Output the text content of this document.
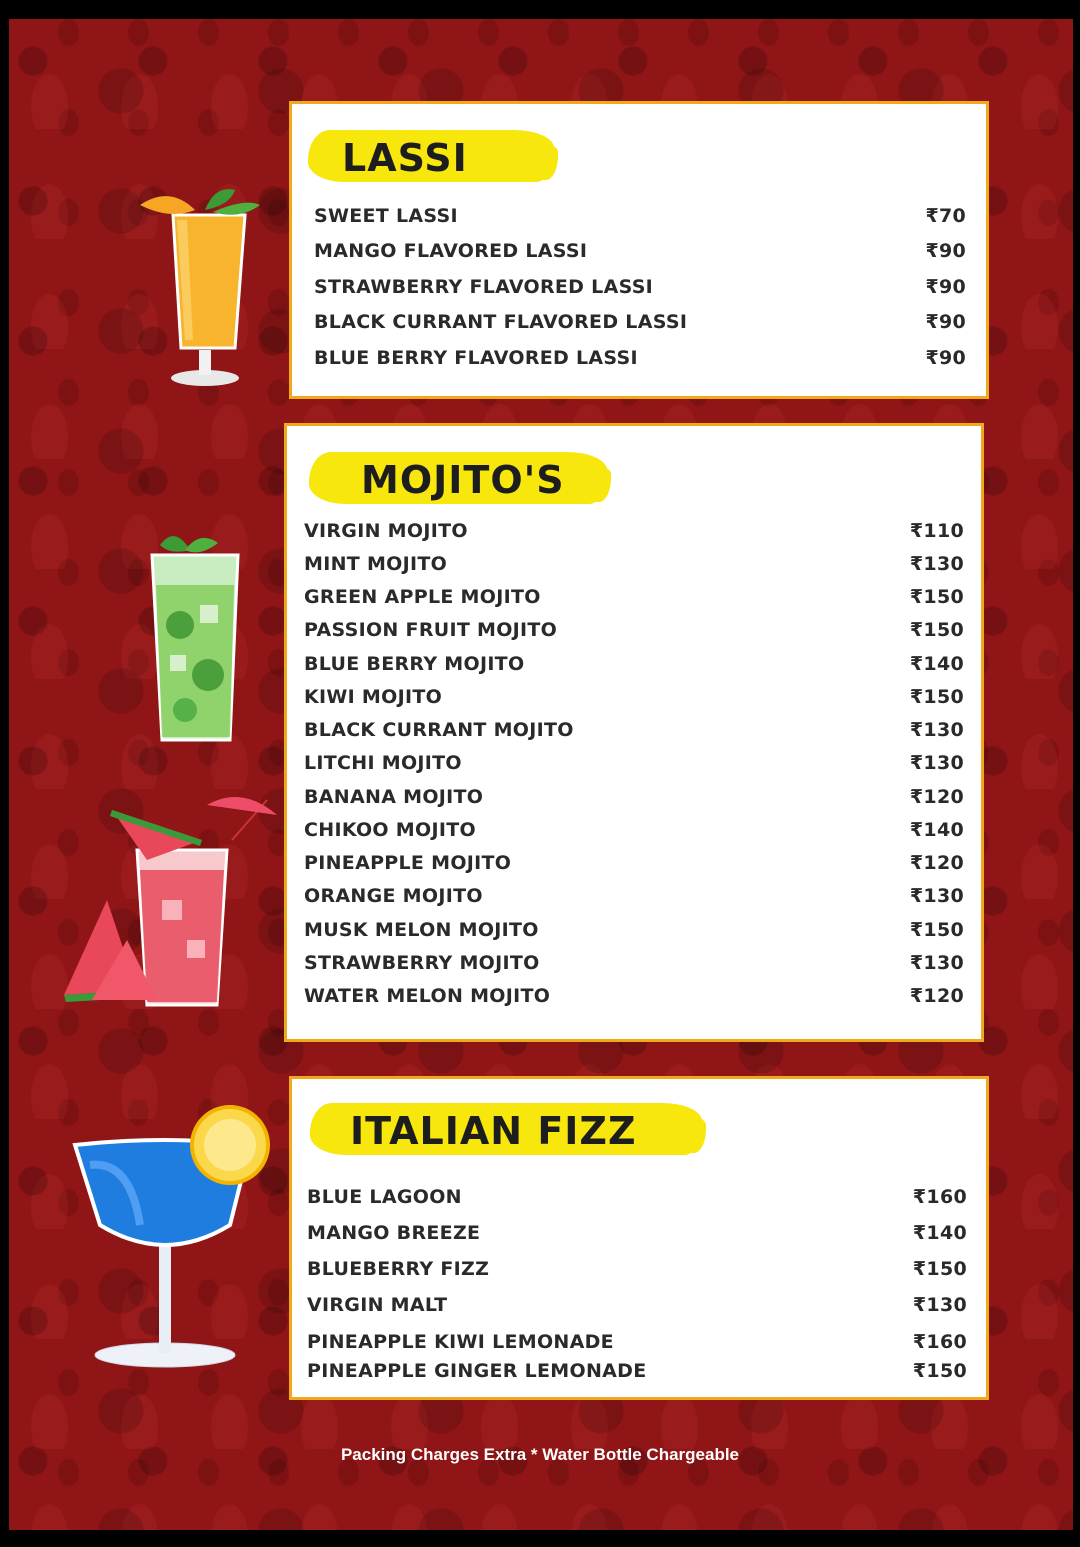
LASSI
SWEET LASSI	₹70
MANGO FLAVORED LASSI	₹90
STRAWBERRY FLAVORED LASSI	₹90
BLACK CURRANT FLAVORED LASSI	₹90
BLUE BERRY FLAVORED LASSI	₹90
MOJITO'S
VIRGIN MOJITO	₹110
MINT MOJITO	₹130
GREEN APPLE MOJITO	₹150
PASSION FRUIT MOJITO	₹150
BLUE BERRY MOJITO	₹140
KIWI MOJITO	₹150
BLACK CURRANT MOJITO	₹130
LITCHI MOJITO	₹130
BANANA MOJITO	₹120
CHIKOO MOJITO	₹140
PINEAPPLE MOJITO	₹120
ORANGE MOJITO	₹130
MUSK MELON MOJITO	₹150
STRAWBERRY MOJITO	₹130
WATER MELON MOJITO	₹120
ITALIAN FIZZ
BLUE LAGOON	₹160
MANGO BREEZE	₹140
BLUEBERRY FIZZ	₹150
VIRGIN MALT	₹130
PINEAPPLE KIWI LEMONADE	₹160
PINEAPPLE GINGER LEMONADE	₹150
Packing Charges Extra * Water Bottle Chargeable
